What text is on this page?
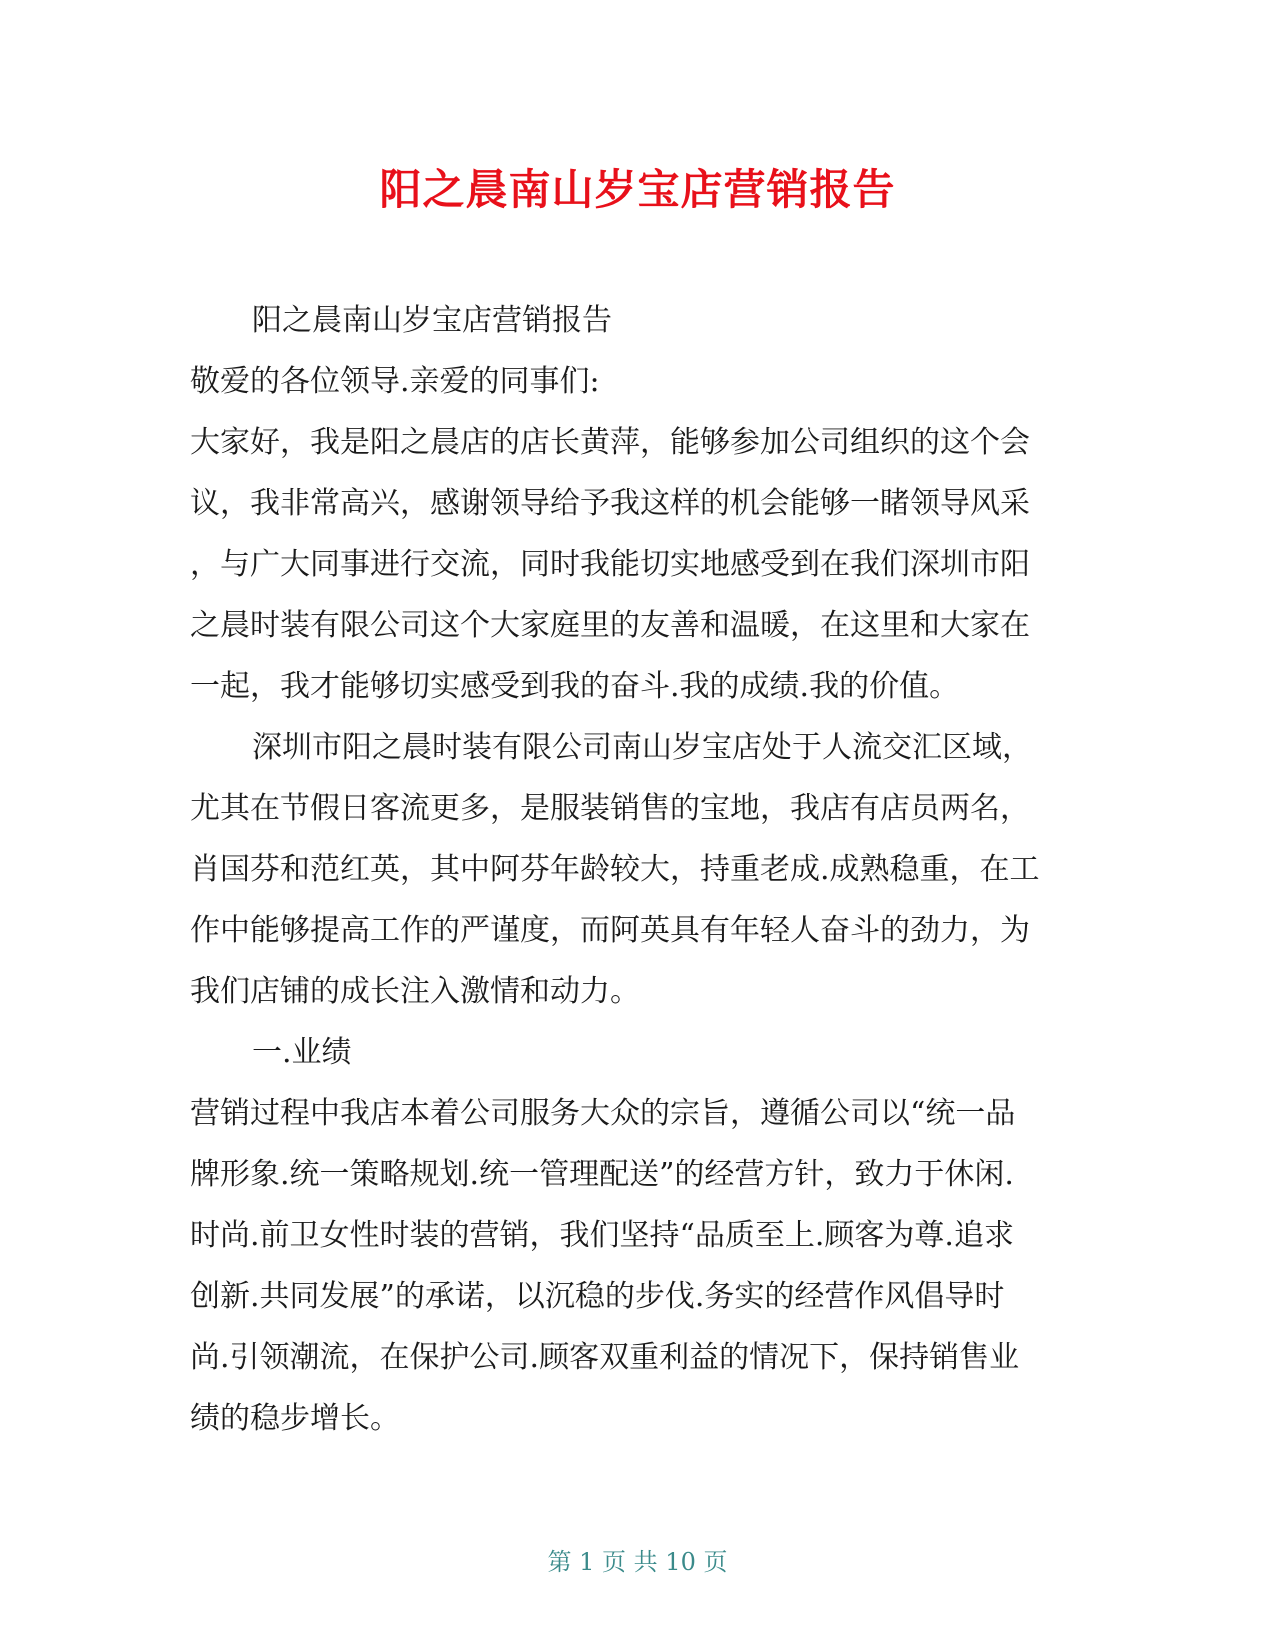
阳之晨南山岁宝店营销报告
阳之晨南山岁宝店营销报告
敬爱的各位领导.亲爱的同事们:
大家好，我是阳之晨店的店长黄萍，能够参加公司组织的这个会
议，我非常高兴，感谢领导给予我这样的机会能够一睹领导风采
，与广大同事进行交流，同时我能切实地感受到在我们深圳市阳
之晨时装有限公司这个大家庭里的友善和温暖，在这里和大家在
一起，我才能够切实感受到我的奋斗.我的成绩.我的价值。
深圳市阳之晨时装有限公司南山岁宝店处于人流交汇区域，
尤其在节假日客流更多，是服装销售的宝地，我店有店员两名，
肖国芬和范红英，其中阿芬年龄较大，持重老成.成熟稳重，在工
作中能够提高工作的严谨度，而阿英具有年轻人奋斗的劲力，为
我们店铺的成长注入激情和动力。
一.业绩
营销过程中我店本着公司服务大众的宗旨，遵循公司以“统一品
牌形象.统一策略规划.统一管理配送”的经营方针，致力于休闲.
时尚.前卫女性时装的营销，我们坚持“品质至上.顾客为尊.追求
创新.共同发展”的承诺，以沉稳的步伐.务实的经营作风倡导时
尚.引领潮流，在保护公司.顾客双重利益的情况下，保持销售业
绩的稳步增长。
第 1 页 共 10 页
